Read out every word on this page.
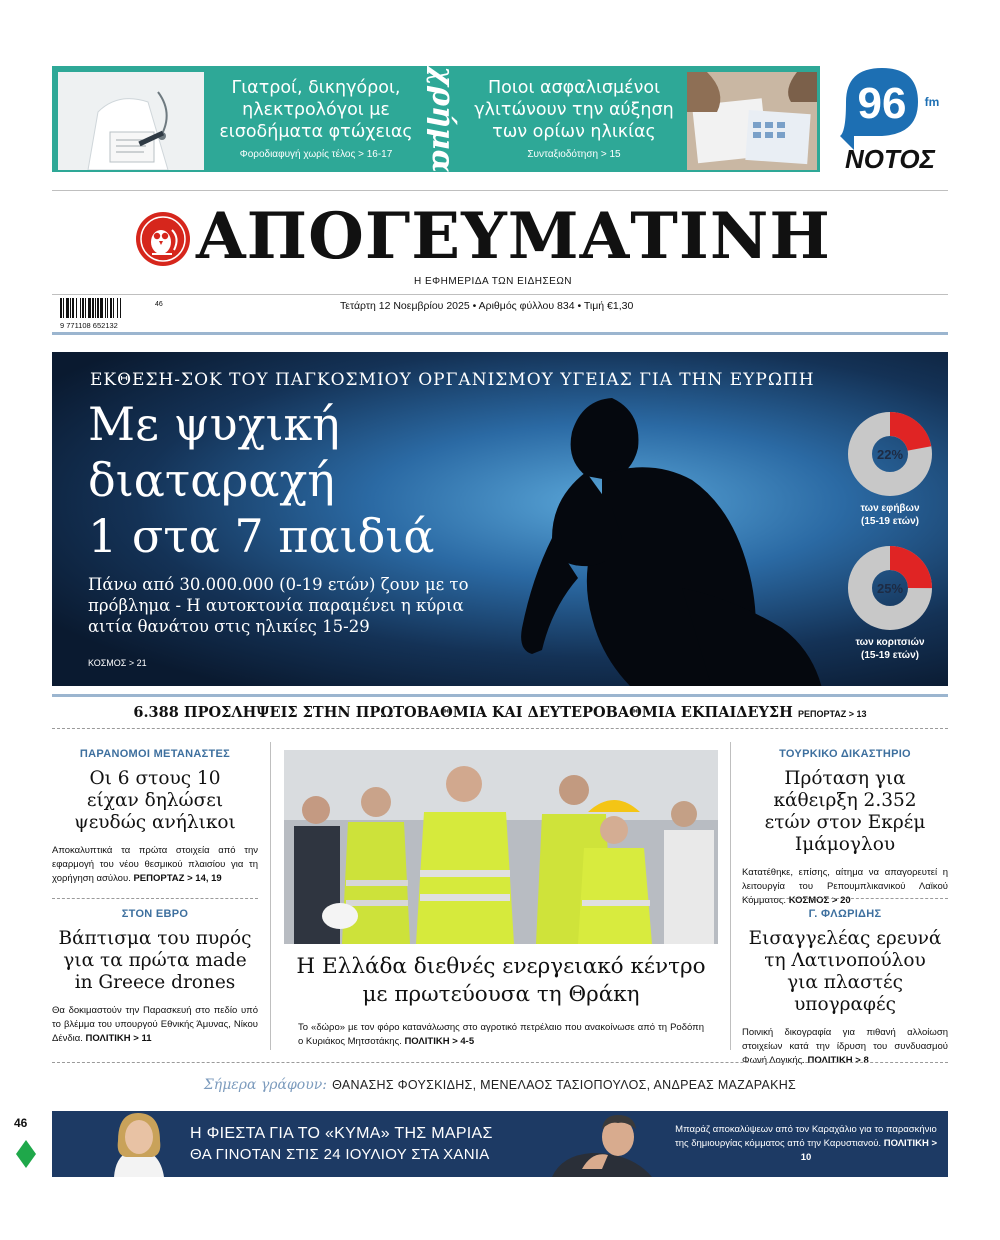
Γιατροί, δικηγόροι, ηλεκτρολόγοι με εισοδήματα φτώχειας
Φοροδιαφυγή χωρίς τέλος > 16-17	χρήμα	Ποιοι ασφαλισμένοι γλιτώνουν την αύξηση των ορίων ηλικίας
Συνταξιοδότηση > 15
96 fm
ΝΟΤΟΣ
ΑΠΟΓΕΥΜΑΤΙΝΗ
Η ΕΦΗΜΕΡΙΔΑ ΤΩΝ ΕΙΔΗΣΕΩΝ
9 771108 652132
46	Τετάρτη 12 Νοεμβρίου 2025 • Αριθμός φύλλου 834 • Τιμή €1,30
ΕΚΘΕΣΗ-ΣΟΚ ΤΟΥ ΠΑΓΚΟΣΜΙΟΥ ΟΡΓΑΝΙΣΜΟΥ ΥΓΕΙΑΣ ΓΙΑ ΤΗΝ ΕΥΡΩΠΗ
Με ψυχική
διαταραχή
1 στα 7 παιδιά
Πάνω από 30.000.000 (0-19 ετών) ζουν με το πρόβλημα - Η αυτοκτονία παραμένει η κύρια αιτία θανάτου στις ηλικίες 15-29
ΚΟΣΜΟΣ > 21
22%
των εφήβων
(15-19 ετών)
25%
των κοριτσιών
(15-19 ετών)
6.388 ΠΡΟΣΛΗΨΕΙΣ ΣΤΗΝ ΠΡΩΤΟΒΑΘΜΙΑ ΚΑΙ ΔΕΥΤΕΡΟΒΑΘΜΙΑ ΕΚΠΑΙΔΕΥΣΗ ΡΕΠΟΡΤΑΖ > 13
ΠΑΡΑΝΟΜΟΙ ΜΕΤΑΝΑΣΤΕΣ
Οι 6 στους 10 είχαν δηλώσει ψευδώς ανήλικοι
Αποκαλυπτικά τα πρώτα στοιχεία από την εφαρμογή του νέου θεσμικού πλαισίου για τη χορήγηση ασύλου. ΡΕΠΟΡΤΑΖ > 14, 19
ΣΤΟΝ ΕΒΡΟ
Βάπτισμα του πυρός για τα πρώτα made in Greece drones
Θα δοκιμαστούν την Παρασκευή στο πεδίο υπό το βλέμμα του υπουργού Εθνικής Άμυνας, Νίκου Δένδια. ΠΟΛΙΤΙΚΗ > 11
Η Ελλάδα διεθνές ενεργειακό κέντρο με πρωτεύουσα τη Θράκη
Το «δώρο» με τον φόρο κατανάλωσης στο αγροτικό πετρέλαιο που ανακοίνωσε από τη Ροδόπη ο Κυριάκος Μητσοτάκης. ΠΟΛΙΤΙΚΗ > 4-5
ΤΟΥΡΚΙΚΟ ΔΙΚΑΣΤΗΡΙΟ
Πρόταση για κάθειρξη 2.352 ετών στον Εκρέμ Ιμάμογλου
Κατατέθηκε, επίσης, αίτημα να απαγορευτεί η λειτουργία του Ρεπουμπλικανικού Λαϊκού Κόμματος. ΚΟΣΜΟΣ > 20
Γ. ΦΛΩΡΙΔΗΣ
Εισαγγελέας ερευνά τη Λατινοπούλου για πλαστές υπογραφές
Ποινική δικογραφία για πιθανή αλλοίωση στοιχείων κατά την ίδρυση του συνδυασμού Φωνή Λογικής. ΠΟΛΙΤΙΚΗ > 8
Σήμερα γράφουν: ΘΑΝΑΣΗΣ ΦΟΥΣΚΙΔΗΣ, ΜΕΝΕΛΑΟΣ ΤΑΣΙΟΠΟΥΛΟΣ, ΑΝΔΡΕΑΣ ΜΑΖΑΡΑΚΗΣ
Η ΦΙΕΣΤΑ ΓΙΑ ΤΟ «ΚΥΜΑ» ΤΗΣ ΜΑΡΙΑΣ
ΘΑ ΓΙΝΟΤΑΝ ΣΤΙΣ 24 ΙΟΥΛΙΟΥ ΣΤΑ ΧΑΝΙΑ
Μπαράζ αποκαλύψεων από τον Καραχάλιο για το παρασκήνιο της δημιουργίας κόμματος από την Καρυστιανού. ΠΟΛΙΤΙΚΗ > 10
46
